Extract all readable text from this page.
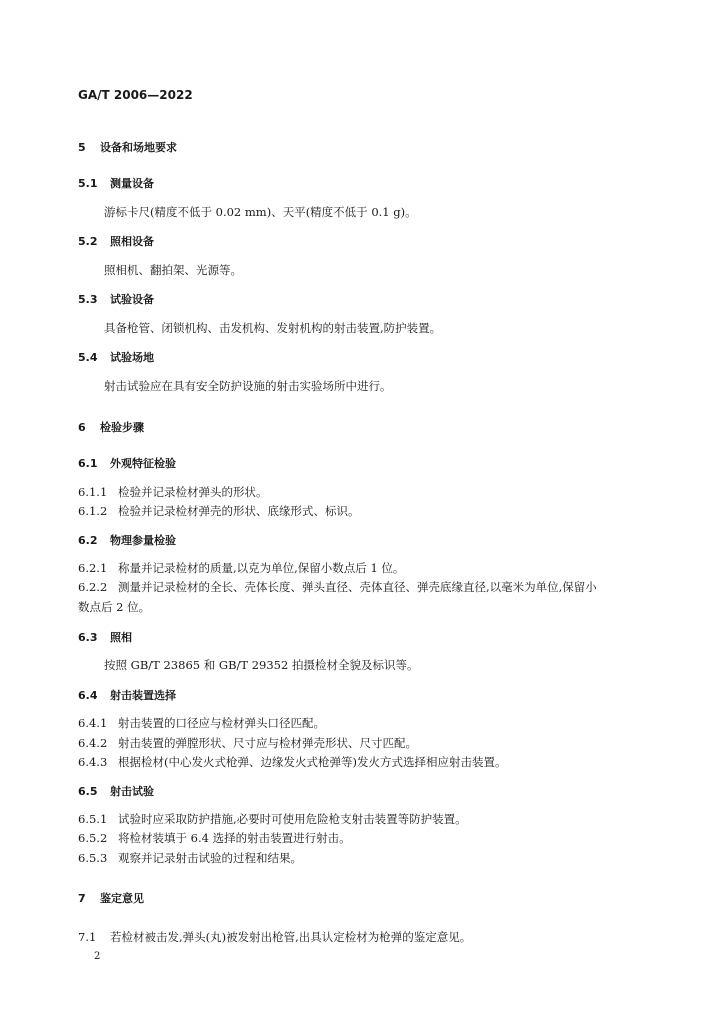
GA/T 2006—2022
5 设备和场地要求
5.1 测量设备
游标卡尺(精度不低于 0.02 mm)、天平(精度不低于 0.1 g)。
5.2 照相设备
照相机、翻拍架、光源等。
5.3 试验设备
具备枪管、闭锁机构、击发机构、发射机构的射击装置,防护装置。
5.4 试验场地
射击试验应在具有安全防护设施的射击实验场所中进行。
6 检验步骤
6.1 外观特征检验
6.1.1 检验并记录检材弹头的形状。
6.1.2 检验并记录检材弹壳的形状、底缘形式、标识。
6.2 物理参量检验
6.2.1 称量并记录检材的质量,以克为单位,保留小数点后 1 位。
6.2.2 测量并记录检材的全长、壳体长度、弹头直径、壳体直径、弹壳底缘直径,以毫米为单位,保留小
数点后 2 位。
6.3 照相
按照 GB/T 23865 和 GB/T 29352 拍摄检材全貌及标识等。
6.4 射击装置选择
6.4.1 射击装置的口径应与检材弹头口径匹配。
6.4.2 射击装置的弹膛形状、尺寸应与检材弹壳形状、尺寸匹配。
6.4.3 根据检材(中心发火式枪弹、边缘发火式枪弹等)发火方式选择相应射击装置。
6.5 射击试验
6.5.1 试验时应采取防护措施,必要时可使用危险枪支射击装置等防护装置。
6.5.2 将检材装填于 6.4 选择的射击装置进行射击。
6.5.3 观察并记录射击试验的过程和结果。
7 鉴定意见
7.1 若检材被击发,弹头(丸)被发射出枪管,出具认定检材为枪弹的鉴定意见。
2
